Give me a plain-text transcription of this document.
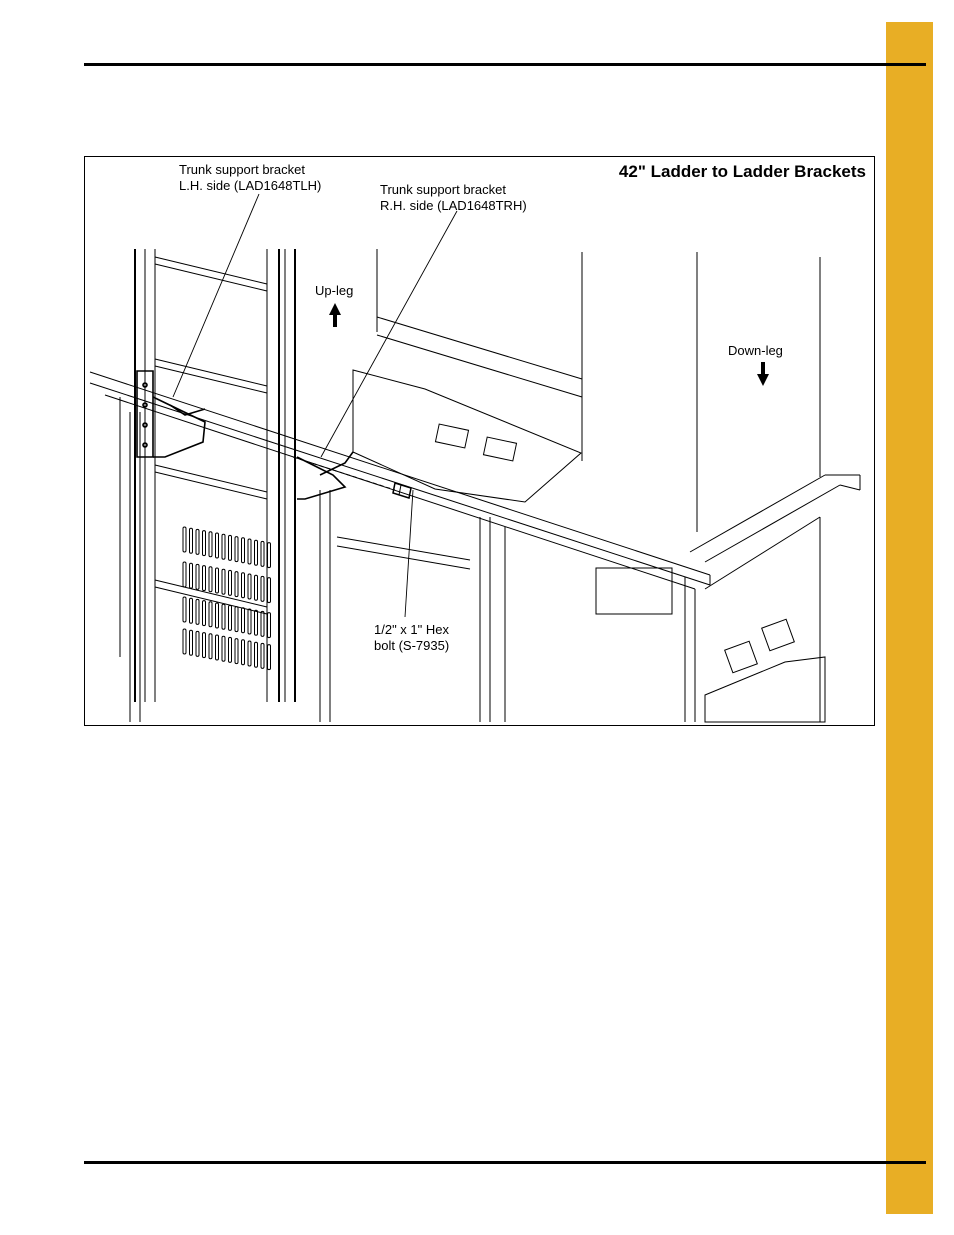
42" Ladder to Ladder Brackets
Trunk support bracket
L.H. side (LAD1648TLH)	Trunk support bracket
R.H. side (LAD1648TRH)
Up-leg
Down-leg
1/2" x 1" Hex
bolt (S-7935)
